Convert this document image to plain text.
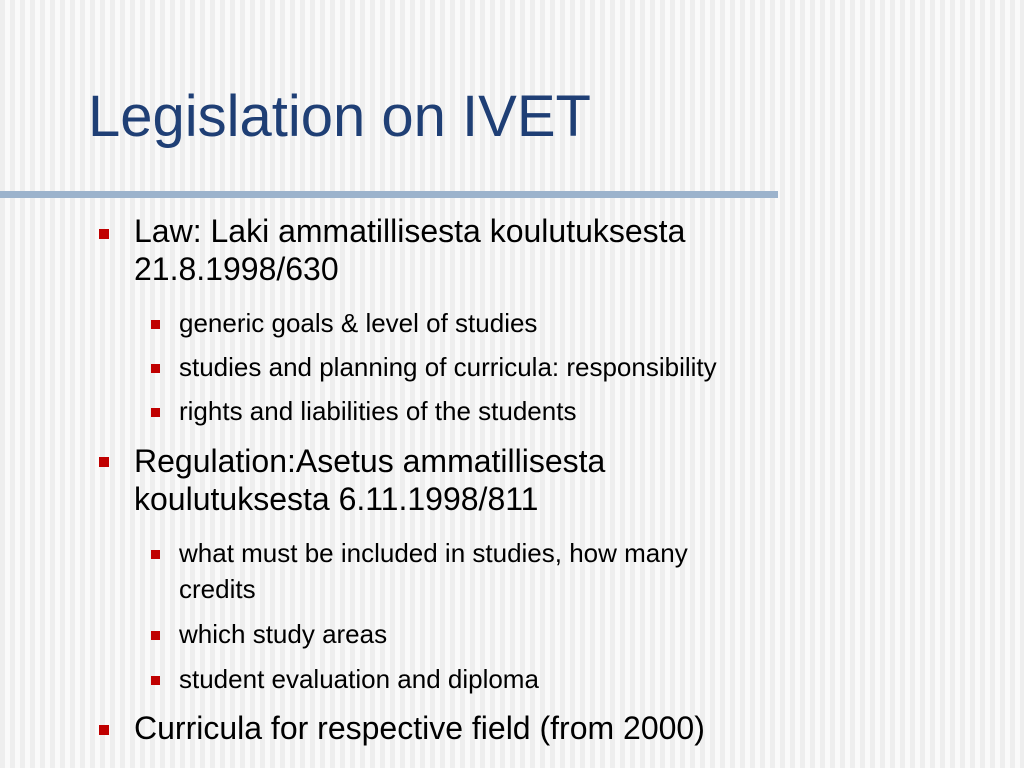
Legislation on IVET

Law: Laki ammatillisesta koulutuksesta
21.8.1998/630

generic goals & level of studies

studies and planning of curricula: responsibility

rights and liabilities of the students

Regulation:Asetus ammatillisesta
koulutuksesta 6.11.1998/811

what must be included in studies, how many
credits

which study areas

student evaluation and diploma

Curricula for respective field (from 2000)
